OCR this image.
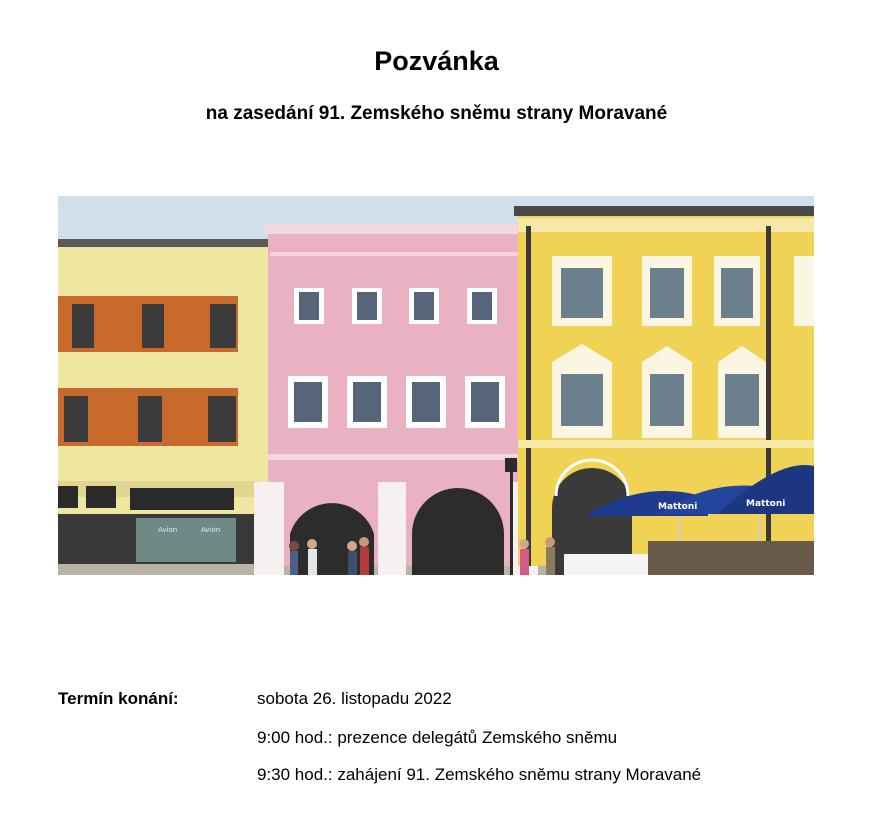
Pozvánka
na zasedání 91. Zemského sněmu strany Moravané
Avion	Avion
Mattoni	Mattoni
Termín konání:	sobota 26. listopadu 2022
9:00 hod.: prezence delegátů Zemského sněmu
9:30 hod.: zahájení 91. Zemského sněmu strany Moravané
